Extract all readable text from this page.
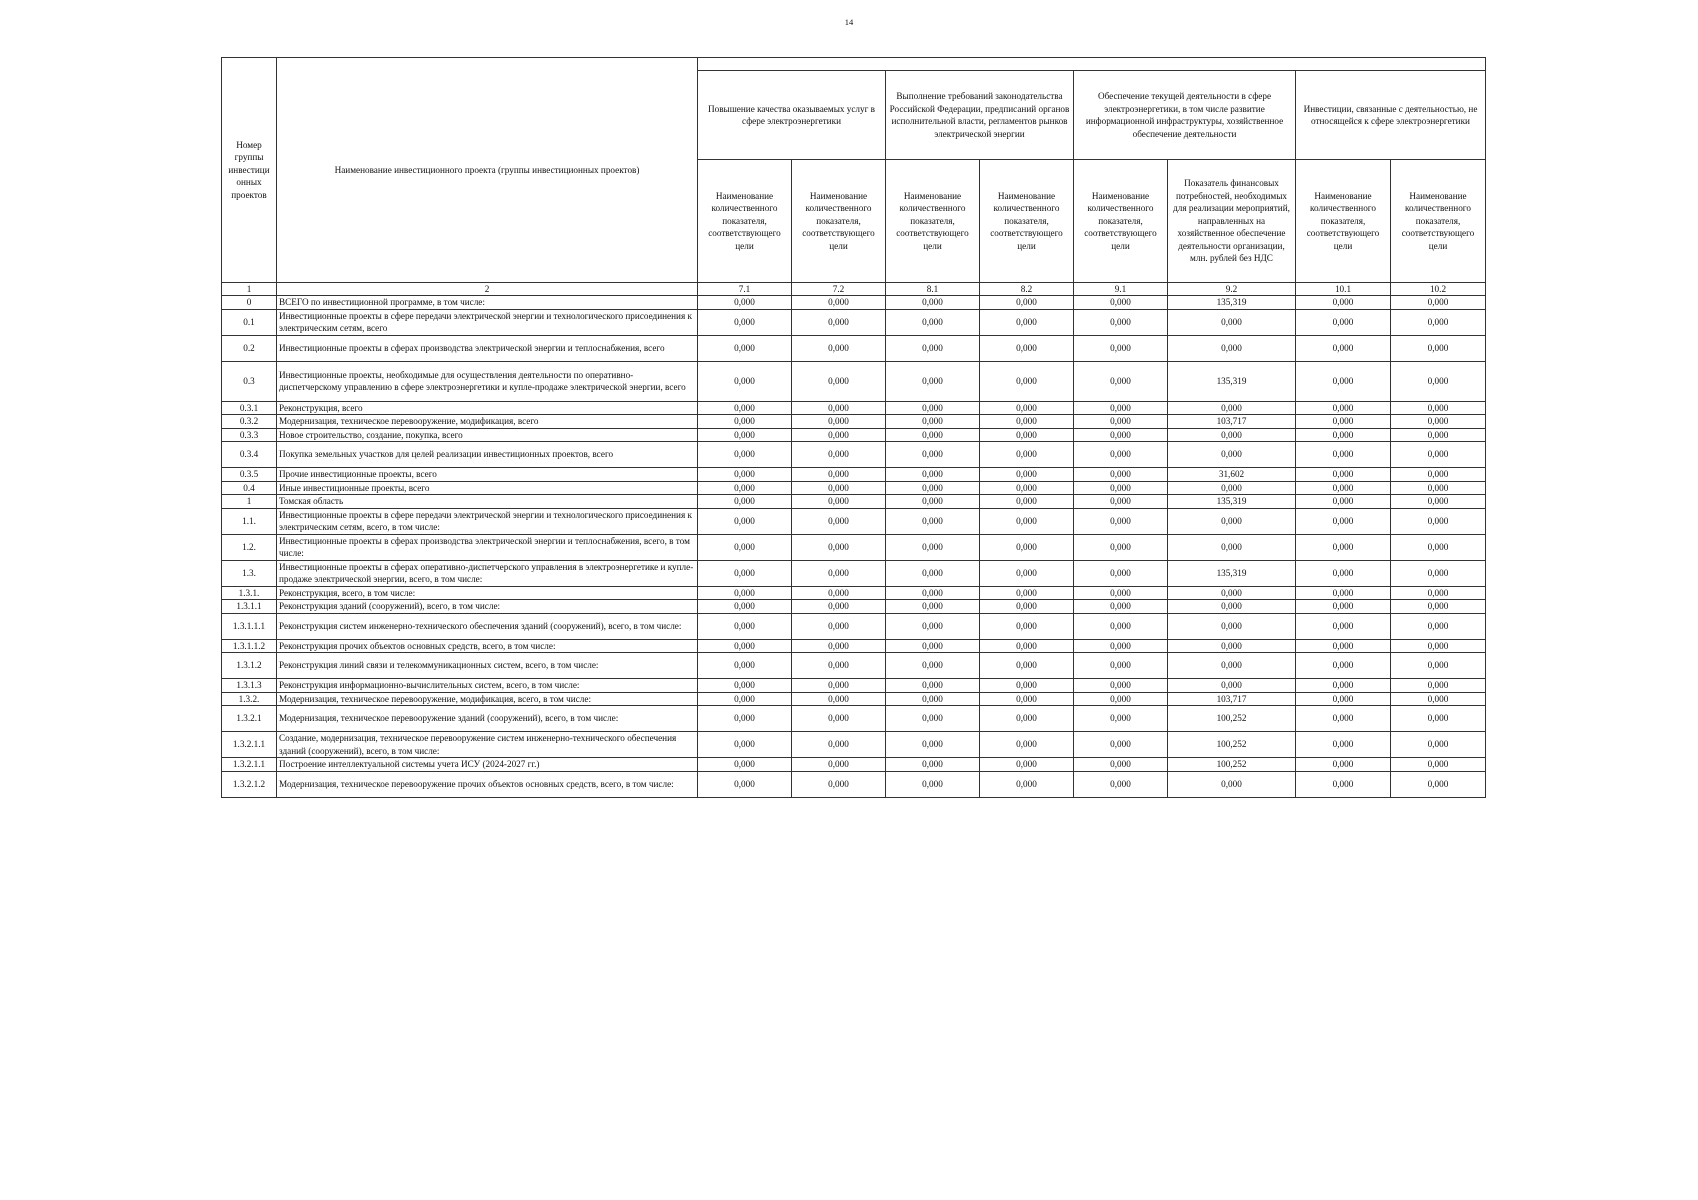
14
Номер группы инвестици онных проектов	Наименование инвестиционного проекта (группы инвестиционных проектов)								
		Повышение качества оказываемых услуг в сфере электроэнергетики		Выполнение требований законодательства Российской Федерации, предписаний органов исполнительной власти, регламентов рынков электрической энергии		Обеспечение текущей деятельности в сфере электроэнергетики, в том числе развитие информационной инфраструктуры, хозяйственное обеспечение деятельности		Инвестиции, связанные с деятельностью, не относящейся к сфере электроэнергетики	
		Наименование количественного показателя, соответствующего цели	Наименование количественного показателя, соответствующего цели	Наименование количественного показателя, соответствующего цели	Наименование количественного показателя, соответствующего цели	Наименование количественного показателя, соответствующего цели	Показатель финансовых потребностей, необходимых для реализации мероприятий, направленных на хозяйственное обеспечение деятельности организации, млн. рублей без НДС	Наименование количественного показателя, соответствующего цели	Наименование количественного показателя, соответствующего цели
1	2	7.1	7.2	8.1	8.2	9.1	9.2	10.1	10.2
0	ВСЕГО по инвестиционной программе, в том числе:	0,000	0,000	0,000	0,000	0,000	135,319	0,000	0,000
0.1	Инвестиционные проекты в сфере передачи электрической энергии и технологического присоединения к электрическим сетям, всего	0,000	0,000	0,000	0,000	0,000	0,000	0,000	0,000
0.2	Инвестиционные проекты в сферах производства электрической энергии и теплоснабжения, всего	0,000	0,000	0,000	0,000	0,000	0,000	0,000	0,000
0.3	Инвестиционные проекты, необходимые для осуществления деятельности по оперативно-диспетчерскому управлению в сфере электроэнергетики и купле-продаже электрической энергии, всего	0,000	0,000	0,000	0,000	0,000	135,319	0,000	0,000
0.3.1	Реконструкция, всего	0,000	0,000	0,000	0,000	0,000	0,000	0,000	0,000
0.3.2	Модернизация, техническое перевооружение, модификация, всего	0,000	0,000	0,000	0,000	0,000	103,717	0,000	0,000
0.3.3	Новое строительство, создание, покупка, всего	0,000	0,000	0,000	0,000	0,000	0,000	0,000	0,000
0.3.4	Покупка земельных участков для целей реализации инвестиционных проектов, всего	0,000	0,000	0,000	0,000	0,000	0,000	0,000	0,000
0.3.5	Прочие инвестиционные проекты, всего	0,000	0,000	0,000	0,000	0,000	31,602	0,000	0,000
0.4	Иные инвестиционные проекты, всего	0,000	0,000	0,000	0,000	0,000	0,000	0,000	0,000
1	Томская область	0,000	0,000	0,000	0,000	0,000	135,319	0,000	0,000
1.1.	Инвестиционные проекты в сфере передачи электрической энергии и технологического присоединения к электрическим сетям, всего, в том числе:	0,000	0,000	0,000	0,000	0,000	0,000	0,000	0,000
1.2.	Инвестиционные проекты в сферах производства электрической энергии и теплоснабжения, всего, в том числе:	0,000	0,000	0,000	0,000	0,000	0,000	0,000	0,000
1.3.	Инвестиционные проекты в сферах оперативно-диспетчерского управления в электроэнергетике и купле-продаже электрической энергии, всего, в том числе:	0,000	0,000	0,000	0,000	0,000	135,319	0,000	0,000
1.3.1.	Реконструкция, всего, в том числе:	0,000	0,000	0,000	0,000	0,000	0,000	0,000	0,000
1.3.1.1	Реконструкция зданий (сооружений), всего, в том числе:	0,000	0,000	0,000	0,000	0,000	0,000	0,000	0,000
1.3.1.1.1	Реконструкция систем инженерно-технического обеспечения зданий (сооружений), всего, в том числе:	0,000	0,000	0,000	0,000	0,000	0,000	0,000	0,000
1.3.1.1.2	Реконструкция прочих объектов основных средств, всего, в том числе:	0,000	0,000	0,000	0,000	0,000	0,000	0,000	0,000
1.3.1.2	Реконструкция линий связи и телекоммуникационных систем, всего, в том числе:	0,000	0,000	0,000	0,000	0,000	0,000	0,000	0,000
1.3.1.3	Реконструкция информационно-вычислительных систем, всего, в том числе:	0,000	0,000	0,000	0,000	0,000	0,000	0,000	0,000
1.3.2.	Модернизация, техническое перевооружение, модификация, всего, в том числе:	0,000	0,000	0,000	0,000	0,000	103,717	0,000	0,000
1.3.2.1	Модернизация, техническое перевооружение зданий (сооружений), всего, в том числе:	0,000	0,000	0,000	0,000	0,000	100,252	0,000	0,000
1.3.2.1.1	Создание, модернизация, техническое перевооружение систем инженерно-технического обеспечения зданий (сооружений), всего, в том числе:	0,000	0,000	0,000	0,000	0,000	100,252	0,000	0,000
1.3.2.1.1	Построение интеллектуальной системы учета ИСУ (2024-2027 гг.)	0,000	0,000	0,000	0,000	0,000	100,252	0,000	0,000
1.3.2.1.2	Модернизация, техническое перевооружение прочих объектов основных средств, всего, в том числе:	0,000	0,000	0,000	0,000	0,000	0,000	0,000	0,000
